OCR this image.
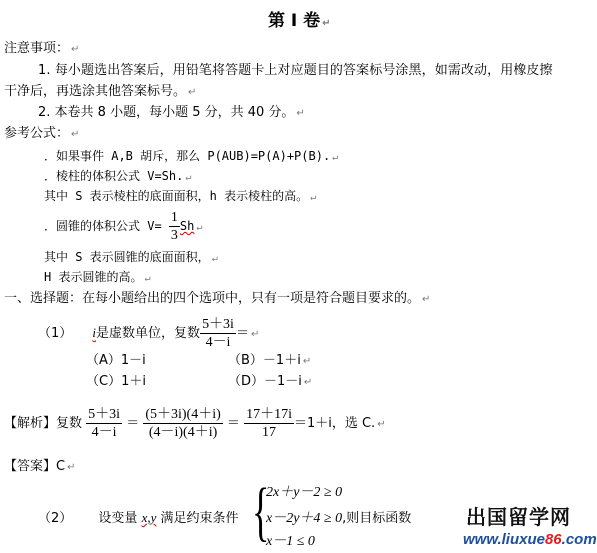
第 I 卷 ↵
注意事项： ↵
1. 每小题选出答案后，用铅笔将答题卡上对应题目的答案标号涂黑，如需改动，用橡皮擦
干净后，再选涂其他答案标号。 ↵
2. 本卷共 8 小题，每小题 5 分，共 40 分。 ↵
参考公式： ↵
．如果事件 A,B 胡斥，那么 P(AUB)=P(A)+P(B). ↵
．棱柱的体积公式 V=Sh. ↵
其中 S 表示棱柱的底面面积，h 表示棱柱的高。 ↵
．圆锥的体积公式 $V= \frac{1}{3}$ Sh ↵
其中 S 表示圆锥的底面面积， ↵
H 表示圆锥的高。 ↵
一、选择题：在每小题给出的四个选项中，只有一项是符合题目要求的。 ↵
（1） i是虚数单位，复数 $\frac{5+3i}{4-i}$ ＝ ↵
（A）1－i	（B）－1＋i ↵
（C）1＋i	（D）－1－i ↵
【解析】复数 $\frac{5+3i}{4-i} = \frac{(5+3i)(4+i)}{(4-i)(4+i)} = \frac{17+17i}{17} =1+i$，选 C. ↵
【答案】C ↵
（2） 设变量 x,y 满足约束条件 {
2x＋y－2 ≥ 0
x－2y＋4 ≥ 0,则目标函数
x－1 ≤ 0
出国留学网
www.liuxue86.com
